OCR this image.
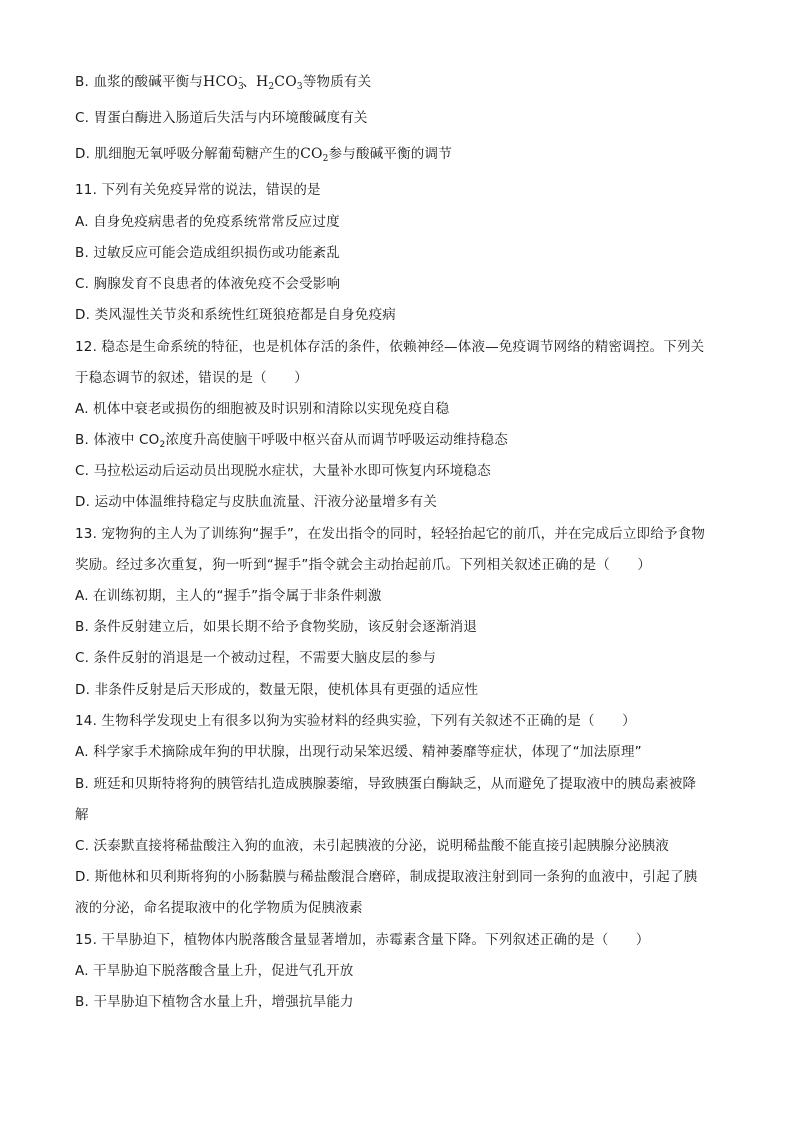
B. 血浆的酸碱平衡与$HCO_3^-$、$H_2CO_3$等物质有关
C. 胃蛋白酶进入肠道后失活与内环境酸碱度有关
D. 肌细胞无氧呼吸分解葡萄糖产生的$CO_2$参与酸碱平衡的调节
11. 下列有关免疫异常的说法，错误的是
A. 自身免疫病患者的免疫系统常常反应过度
B. 过敏反应可能会造成组织损伤或功能紊乱
C. 胸腺发育不良患者的体液免疫不会受影响
D. 类风湿性关节炎和系统性红斑狼疮都是自身免疫病
12. 稳态是生命系统的特征，也是机体存活的条件，依赖神经—体液—免疫调节网络的精密调控。下列关
于稳态调节的叙述，错误的是（　　）
A. 机体中衰老或损伤的细胞被及时识别和清除以实现免疫自稳
B. 体液中 $CO_2$浓度升高使脑干呼吸中枢兴奋从而调节呼吸运动维持稳态
C. 马拉松运动后运动员出现脱水症状，大量补水即可恢复内环境稳态
D. 运动中体温维持稳定与皮肤血流量、汗液分泌量增多有关
13. 宠物狗的主人为了训练狗“握手”，在发出指令的同时，轻轻抬起它的前爪，并在完成后立即给予食物
奖励。经过多次重复，狗一听到“握手”指令就会主动抬起前爪。下列相关叙述正确的是（　　）
A. 在训练初期，主人的“握手”指令属于非条件刺激
B. 条件反射建立后，如果长期不给予食物奖励，该反射会逐渐消退
C. 条件反射的消退是一个被动过程，不需要大脑皮层的参与
D. 非条件反射是后天形成的，数量无限，使机体具有更强的适应性
14. 生物科学发现史上有很多以狗为实验材料的经典实验，下列有关叙述不正确的是（　　）
A. 科学家手术摘除成年狗的甲状腺，出现行动呆笨迟缓、精神萎靡等症状，体现了“加法原理”
B. 班廷和贝斯特将狗的胰管结扎造成胰腺萎缩，导致胰蛋白酶缺乏，从而避免了提取液中的胰岛素被降
解
C. 沃泰默直接将稀盐酸注入狗的血液，未引起胰液的分泌，说明稀盐酸不能直接引起胰腺分泌胰液
D. 斯他林和贝利斯将狗的小肠黏膜与稀盐酸混合磨碎，制成提取液注射到同一条狗的血液中，引起了胰
液的分泌，命名提取液中的化学物质为促胰液素
15. 干旱胁迫下，植物体内脱落酸含量显著增加，赤霉素含量下降。下列叙述正确的是（　　）
A. 干旱胁迫下脱落酸含量上升，促进气孔开放
B. 干旱胁迫下植物含水量上升，增强抗旱能力
